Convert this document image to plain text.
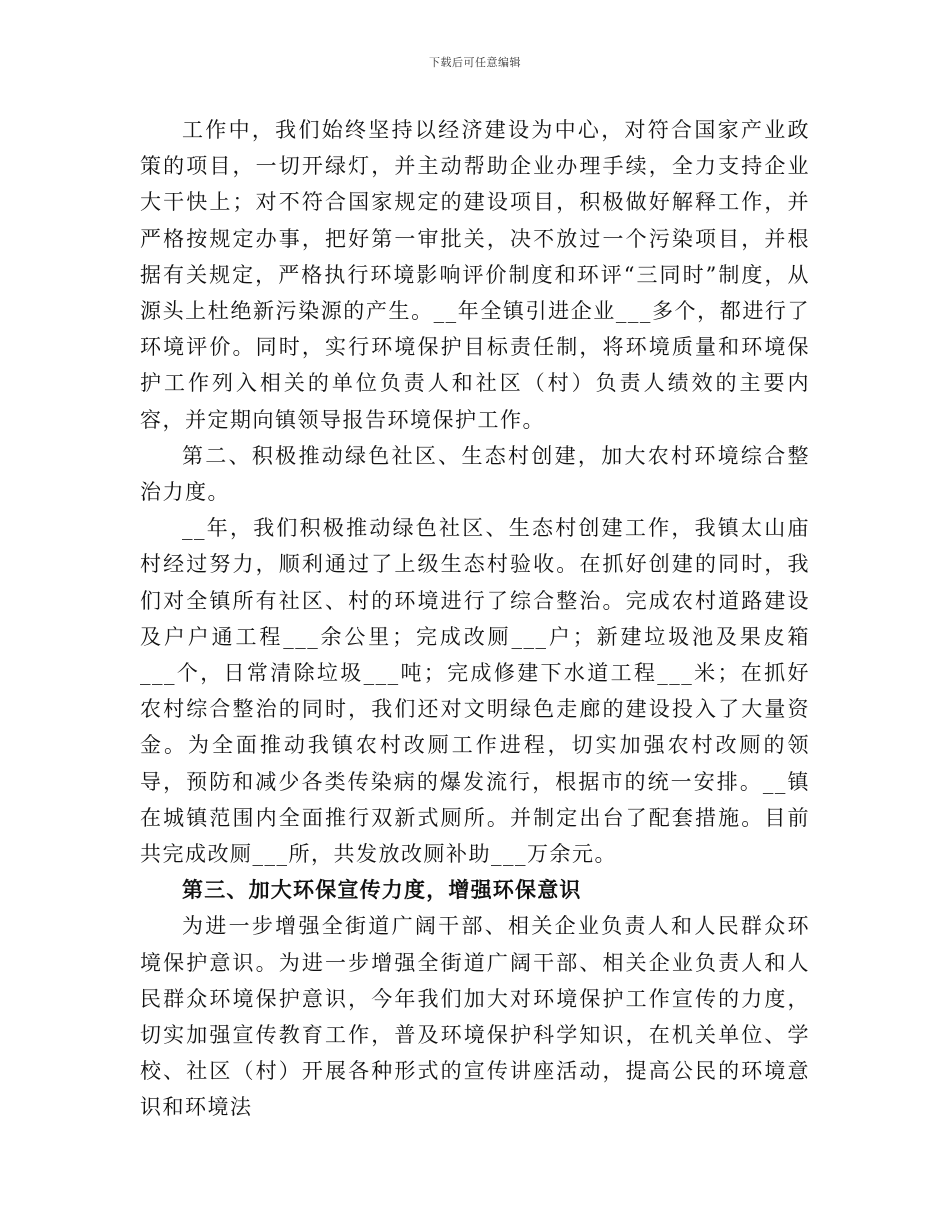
下载后可任意编辑

工作中，我们始终坚持以经济建设为中心，对符合国家产业政策的项目，一切开绿灯，并主动帮助企业办理手续，全力支持企业大干快上；对不符合国家规定的建设项目，积极做好解释工作，并严格按规定办事，把好第一审批关，决不放过一个污染项目，并根据有关规定，严格执行环境影响评价制度和环评“三同时”制度，从源头上杜绝新污染源的产生。__年全镇引进企业___多个，都进行了环境评价。同时，实行环境保护目标责任制，将环境质量和环境保护工作列入相关的单位负责人和社区（村）负责人绩效的主要内容，并定期向镇领导报告环境保护工作。

第二、积极推动绿色社区、生态村创建，加大农村环境综合整治力度。

__年，我们积极推动绿色社区、生态村创建工作，我镇太山庙村经过努力，顺利通过了上级生态村验收。在抓好创建的同时，我们对全镇所有社区、村的环境进行了综合整治。完成农村道路建设及户户通工程___余公里；完成改厕___户；新建垃圾池及果皮箱___个，日常清除垃圾___吨；完成修建下水道工程___米；在抓好农村综合整治的同时，我们还对文明绿色走廊的建设投入了大量资金。为全面推动我镇农村改厕工作进程，切实加强农村改厕的领导，预防和减少各类传染病的爆发流行，根据市的统一安排。__镇在城镇范围内全面推行双新式厕所。并制定出台了配套措施。目前共完成改厕___所，共发放改厕补助___万余元。

第三、加大环保宣传力度，增强环保意识

为进一步增强全街道广阔干部、相关企业负责人和人民群众环境保护意识。为进一步增强全街道广阔干部、相关企业负责人和人民群众环境保护意识，今年我们加大对环境保护工作宣传的力度，切实加强宣传教育工作，普及环境保护科学知识，在机关单位、学校、社区（村）开展各种形式的宣传讲座活动，提高公民的环境意识和环境法
